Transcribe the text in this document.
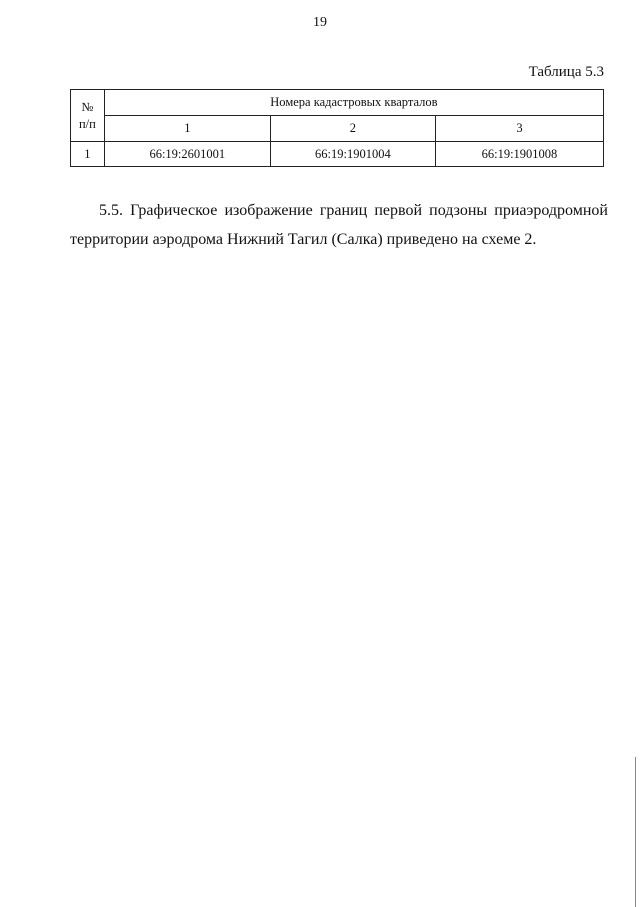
19
Таблица 5.3
№
п/п	Номера кадастровых кварталов		
	1	2	3
1	66:19:2601001	66:19:1901004	66:19:1901008
5.5. Графическое изображение границ первой подзоны приаэродромной
территории аэродрома Нижний Тагил (Салка) приведено на схеме 2.
